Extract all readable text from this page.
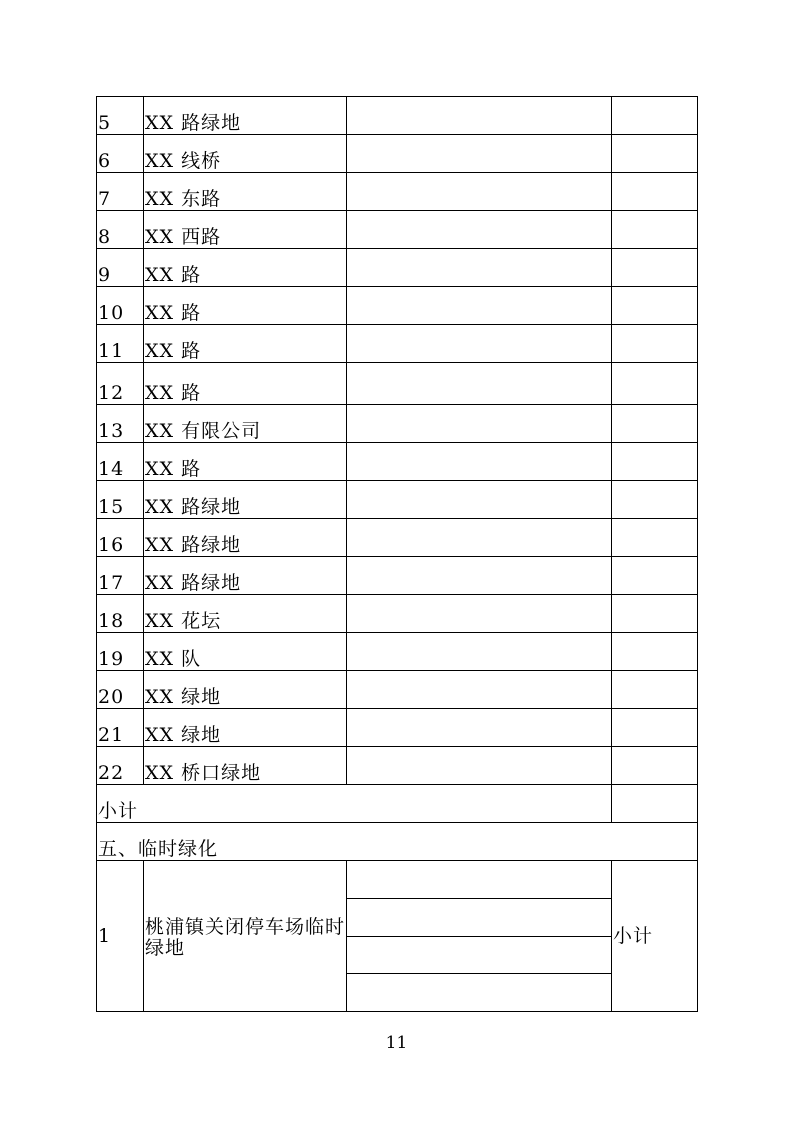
5	XX 路绿地		
6	XX 线桥		
7	XX 东路		
8	XX 西路		
9	XX 路		
10	XX 路		
11	XX 路		
12	XX 路		
13	XX 有限公司		
14	XX 路		
15	XX 路绿地		
16	XX 路绿地		
17	XX 路绿地		
18	XX 花坛		
19	XX 队		
20	XX 绿地		
21	XX 绿地		
22	XX 桥口绿地		
小计			
五、临时绿化			
1	桃浦镇关闭停车场临时绿地		小计
11
